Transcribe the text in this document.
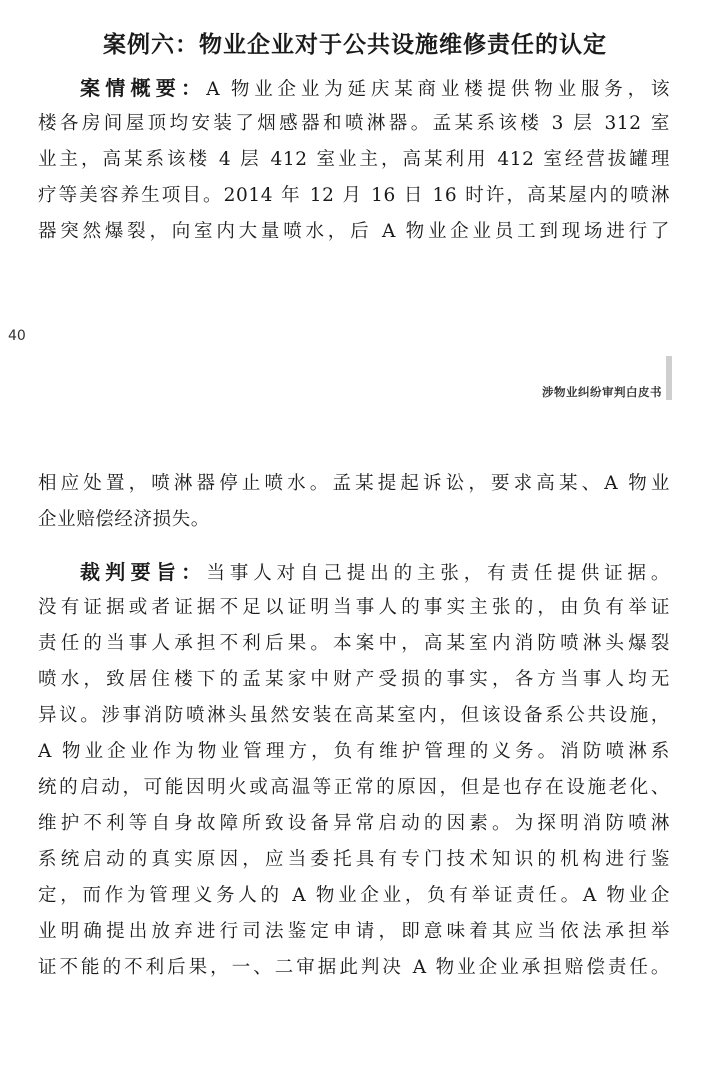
案例六：物业企业对于公共设施维修责任的认定
案情概要：A 物业企业为延庆某商业楼提供物业服务，该
楼各房间屋顶均安装了烟感器和喷淋器。孟某系该楼 3 层 312 室
业主，高某系该楼 4 层 412 室业主，高某利用 412 室经营拔罐理
疗等美容养生项目。2014 年 12 月 16 日 16 时许，高某屋内的喷淋
器突然爆裂，向室内大量喷水，后 A 物业企业员工到现场进行了
40
涉物业纠纷审判白皮书
相应处置，喷淋器停止喷水。孟某提起诉讼，要求高某、A 物业
企业赔偿经济损失。
裁判要旨：当事人对自己提出的主张，有责任提供证据。
没有证据或者证据不足以证明当事人的事实主张的，由负有举证
责任的当事人承担不利后果。本案中，高某室内消防喷淋头爆裂
喷水，致居住楼下的孟某家中财产受损的事实，各方当事人均无
异议。涉事消防喷淋头虽然安装在高某室内，但该设备系公共设施，
A 物业企业作为物业管理方，负有维护管理的义务。消防喷淋系
统的启动，可能因明火或高温等正常的原因，但是也存在设施老化、
维护不利等自身故障所致设备异常启动的因素。为探明消防喷淋
系统启动的真实原因，应当委托具有专门技术知识的机构进行鉴
定，而作为管理义务人的 A 物业企业，负有举证责任。A 物业企
业明确提出放弃进行司法鉴定申请，即意味着其应当依法承担举
证不能的不利后果，一、二审据此判决 A 物业企业承担赔偿责任。
